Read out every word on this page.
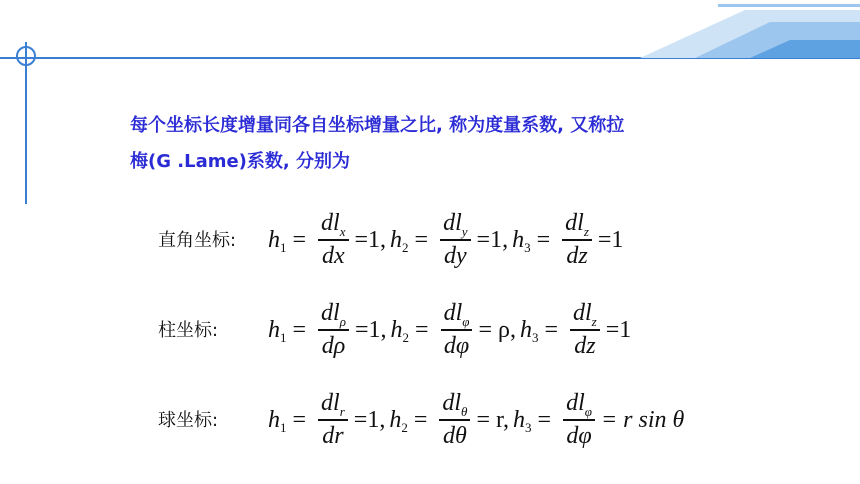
每个坐标长度增量同各自坐标增量之比, 称为度量系数, 又称拉
梅(G .Lame)系数, 分别为
直角坐标: h $1 = \frac{dl_x}{dx} =1$, h $2 = \frac{dl_y}{dy} =1$, h $3 = \frac{dl_z}{dz} =1$
柱坐标: h $1 = \frac{dl_\rho}{d\rho} =1$, h $2 = \frac{dl_\varphi}{d\varphi} = \rho$, h $3 = \frac{dl_z}{dz} =1$
球坐标: h $1 = \frac{dl_r}{dr} =1$, h $2 = \frac{dl_\theta}{d\theta} = r$, h $3 = \frac{dl_\varphi}{d\varphi} = r$ sin θ
